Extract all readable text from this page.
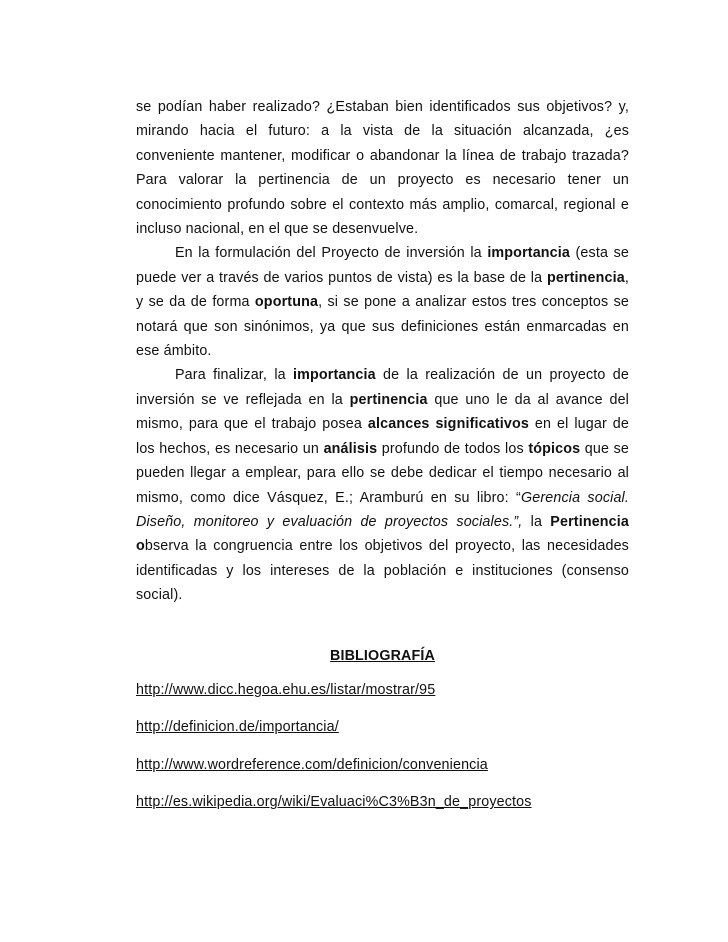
se podían haber realizado? ¿Estaban bien identificados sus objetivos? y, mirando hacia el futuro: a la vista de la situación alcanzada, ¿es conveniente mantener, modificar o abandonar la línea de trabajo trazada? Para valorar la pertinencia de un proyecto es necesario tener un conocimiento profundo sobre el contexto más amplio, comarcal, regional e incluso nacional, en el que se desenvuelve.

En la formulación del Proyecto de inversión la importancia (esta se puede ver a través de varios puntos de vista) es la base de la pertinencia, y se da de forma oportuna, si se pone a analizar estos tres conceptos se notará que son sinónimos, ya que sus definiciones están enmarcadas en ese ámbito.

Para finalizar, la importancia de la realización de un proyecto de inversión se ve reflejada en la pertinencia que uno le da al avance del mismo, para que el trabajo posea alcances significativos en el lugar de los hechos, es necesario un análisis profundo de todos los tópicos que se pueden llegar a emplear, para ello se debe dedicar el tiempo necesario al mismo, como dice Vásquez, E.; Aramburú en su libro: “Gerencia social. Diseño, monitoreo y evaluación de proyectos sociales.”, la Pertinencia observa la congruencia entre los objetivos del proyecto, las necesidades identificadas y los intereses de la población e instituciones (consenso social).

BIBLIOGRAFÍA
http://www.dicc.hegoa.ehu.es/listar/mostrar/95
http://definicion.de/importancia/
http://www.wordreference.com/definicion/conveniencia
http://es.wikipedia.org/wiki/Evaluaci%C3%B3n_de_proyectos
